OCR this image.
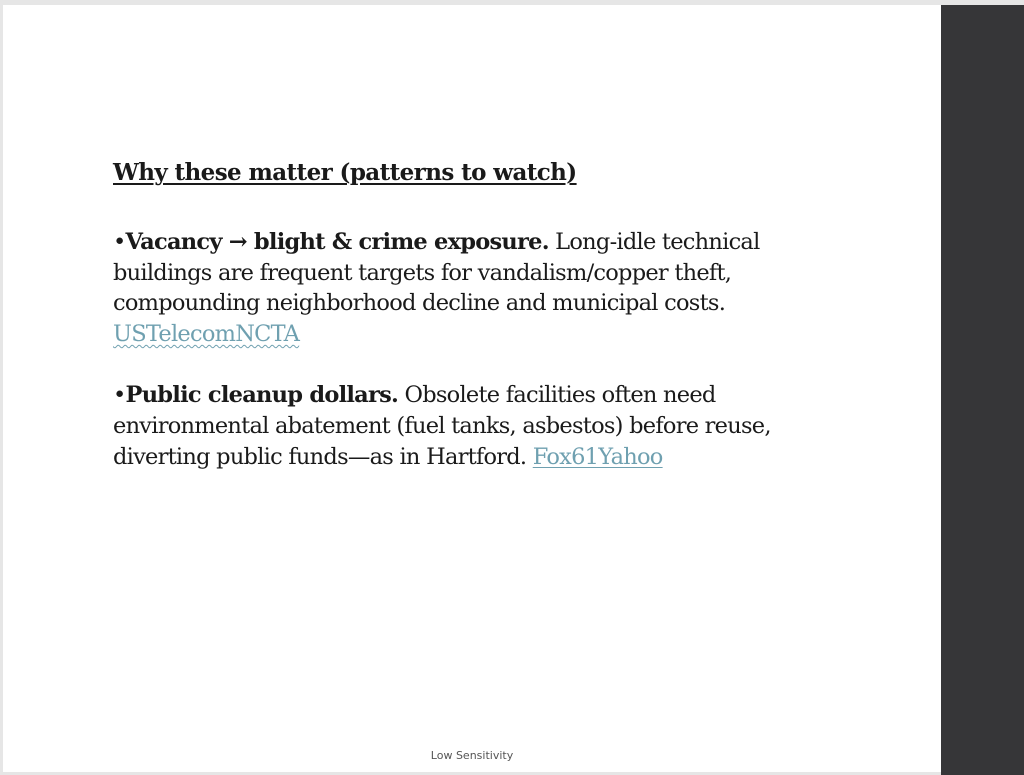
Why these matter (patterns to watch)

•Vacancy → blight & crime exposure. Long-idle technical buildings are frequent targets for vandalism/copper theft, compounding neighborhood decline and municipal costs. USTelecomNCTA

•Public cleanup dollars. Obsolete facilities often need environmental abatement (fuel tanks, asbestos) before reuse, diverting public funds—as in Hartford. Fox61Yahoo

Low Sensitivity
